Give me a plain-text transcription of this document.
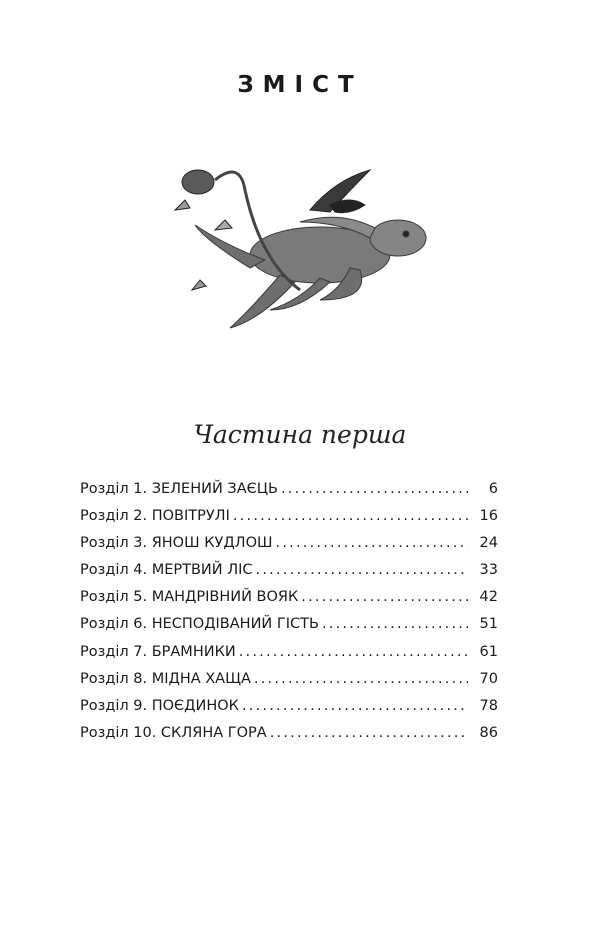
ЗМІСТ
Частина перша
Розділ 1. ЗЕЛЕНИЙ ЗАЄЦЬ . . .	6
Розділ 2. ПОВІТРУЛІ . . .	16
Розділ 3. ЯНОШ КУДЛОШ . . .	24
Розділ 4. МЕРТВИЙ ЛІС . . .	33
Розділ 5. МАНДРІВНИЙ ВОЯК . . .	42
Розділ 6. НЕСПОДІВАНИЙ ГІСТЬ . . .	51
Розділ 7. БРАМНИКИ . . .	61
Розділ 8. МІДНА ХАЩА . . .	70
Розділ 9. ПОЄДИНОК . . .	78
Розділ 10. СКЛЯНА ГОРА . . .	86
